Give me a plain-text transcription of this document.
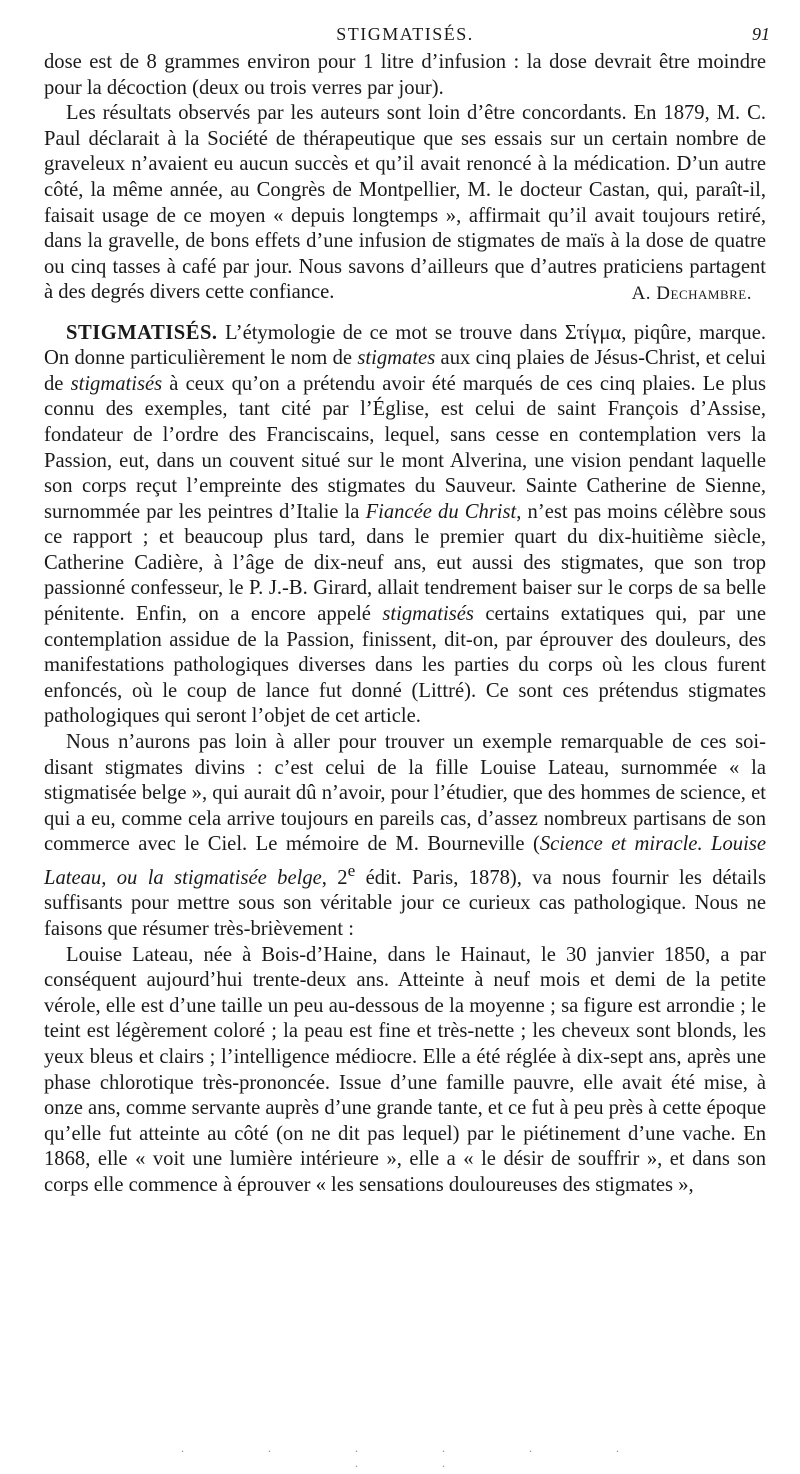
STIGMATISÉS.	91

dose est de 8 grammes environ pour 1 litre d’infusion : la dose devrait être moindre pour la décoction (deux ou trois verres par jour).

Les résultats observés par les auteurs sont loin d’être concordants. En 1879, M. C. Paul déclarait à la Société de thérapeutique que ses essais sur un certain nombre de graveleux n’avaient eu aucun succès et qu’il avait renoncé à la médication. D’un autre côté, la même année, au Congrès de Montpellier, M. le docteur Castan, qui, paraît-il, faisait usage de ce moyen « depuis longtemps », affirmait qu’il avait toujours retiré, dans la gravelle, de bons effets d’une infusion de stigmates de maïs à la dose de quatre ou cinq tasses à café par jour. Nous savons d’ailleurs que d’autres praticiens partagent à des degrés divers cette confiance.	A. Dechambre.

STIGMATISÉS. L’étymologie de ce mot se trouve dans Στίγμα, piqûre, marque. On donne particulièrement le nom de stigmates aux cinq plaies de Jésus-Christ, et celui de stigmatisés à ceux qu’on a prétendu avoir été marqués de ces cinq plaies. Le plus connu des exemples, tant cité par l’Église, est celui de saint François d’Assise, fondateur de l’ordre des Franciscains, lequel, sans cesse en contemplation vers la Passion, eut, dans un couvent situé sur le mont Alverina, une vision pendant laquelle son corps reçut l’empreinte des stigmates du Sauveur. Sainte Catherine de Sienne, surnommée par les peintres d’Italie la Fiancée du Christ, n’est pas moins célèbre sous ce rapport ; et beaucoup plus tard, dans le premier quart du dix-huitième siècle, Catherine Cadière, à l’âge de dix-neuf ans, eut aussi des stigmates, que son trop passionné confesseur, le P. J.-B. Girard, allait tendrement baiser sur le corps de sa belle pénitente. Enfin, on a encore appelé stigmatisés certains extatiques qui, par une contemplation assidue de la Passion, finissent, dit-on, par éprouver des douleurs, des manifestations pathologiques diverses dans les parties du corps où les clous furent enfoncés, où le coup de lance fut donné (Littré). Ce sont ces prétendus stigmates pathologiques qui seront l’objet de cet article.

Nous n’aurons pas loin à aller pour trouver un exemple remarquable de ces soi-disant stigmates divins : c’est celui de la fille Louise Lateau, surnommée « la stigmatisée belge », qui aurait dû n’avoir, pour l’étudier, que des hommes de science, et qui a eu, comme cela arrive toujours en pareils cas, d’assez nombreux partisans de son commerce avec le Ciel. Le mémoire de M. Bourneville (Science et miracle. Louise Lateau, ou la stigmatisée belge, 2e édit. Paris, 1878), va nous fournir les détails suffisants pour mettre sous son véritable jour ce curieux cas pathologique. Nous ne faisons que résumer très-brièvement :

Louise Lateau, née à Bois-d’Haine, dans le Hainaut, le 30 janvier 1850, a par conséquent aujourd’hui trente-deux ans. Atteinte à neuf mois et demi de la petite vérole, elle est d’une taille un peu au-dessous de la moyenne ; sa figure est arrondie ; le teint est légèrement coloré ; la peau est fine et très-nette ; les cheveux sont blonds, les yeux bleus et clairs ; l’intelligence médiocre. Elle a été réglée à dix-sept ans, après une phase chlorotique très-prononcée. Issue d’une famille pauvre, elle avait été mise, à onze ans, comme servante auprès d’une grande tante, et ce fut à peu près à cette époque qu’elle fut atteinte au côté (on ne dit pas lequel) par le piétinement d’une vache. En 1868, elle « voit une lumière intérieure », elle a « le désir de souffrir », et dans son corps elle commence à éprouver « les sensations douloureuses des stigmates »,

· · · · · · · ·
